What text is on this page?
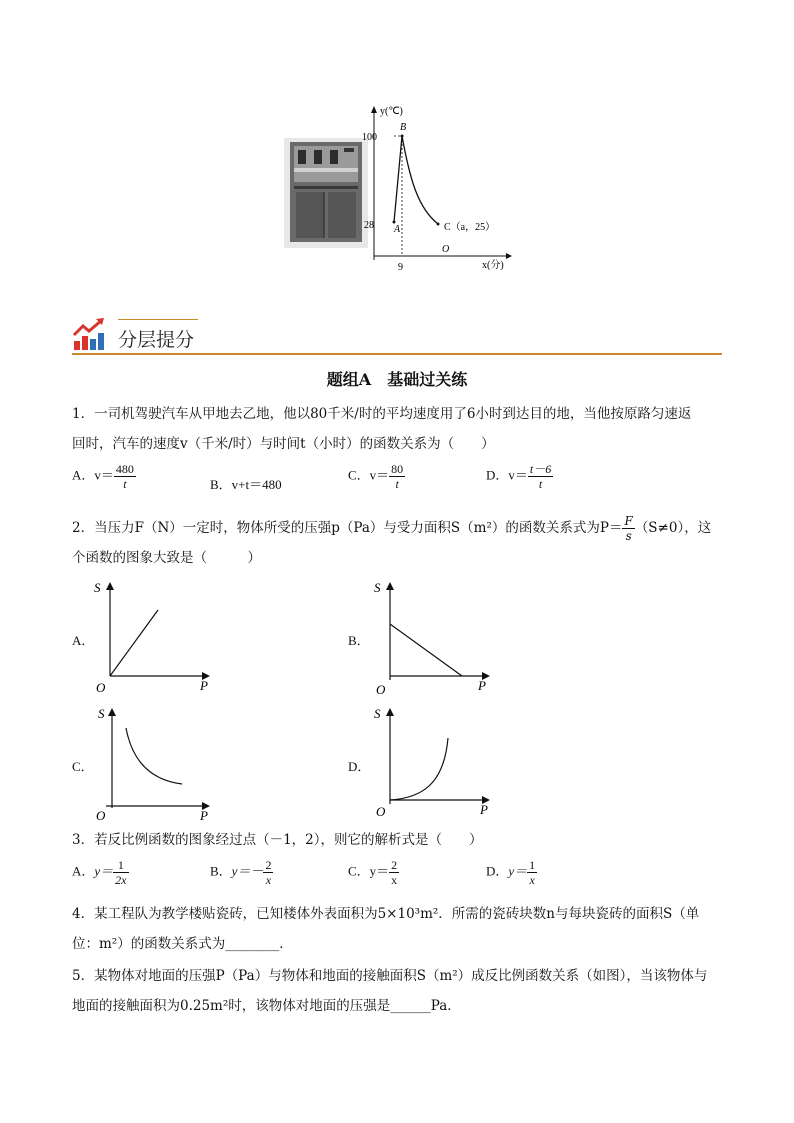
y(℃)
100
28
B
A	C（a，25）
O
9	x(分)
分层提分
题组A　基础过关练
1．一司机驾驶汽车从甲地去乙地，他以80千米/时的平均速度用了6小时到达目的地，当他按原路匀速返
回时，汽车的速度v（千米/时）与时间t（小时）的函数关系为（　　）
A．$v= \frac{480}{t}$	B．v+t＝480
C．$v= \frac{80}{t}$	D．$v= \frac{t-6}{t}$
2．当压力F（N）一定时，物体所受的压强p（Pa）与受力面积S（m²）的函数关系式为$P= \frac{F}{s} (S\ne 0)$，这
个函数的图象大致是（　　　）
A．
S
P
O
B．
S
P
O
C．
S
P
O
D．
S
P
O
3．若反比例函数的图象经过点（－1，2），则它的解析式是（　　）
A．$y= \frac{1}{2x}$	B．$y=- \frac{2}{x}$	C．$y= \frac{2}{x}$	D．$y= \frac{1}{x}$
4．某工程队为教学楼贴瓷砖，已知楼体外表面积为5×10³m²．所需的瓷砖块数n与每块瓷砖的面积S（单
位：m²）的函数关系式为________．
5．某物体对地面的压强P（Pa）与物体和地面的接触面积S（m²）成反比例函数关系（如图），当该物体与
地面的接触面积为0.25m²时，该物体对地面的压强是______Pa．
